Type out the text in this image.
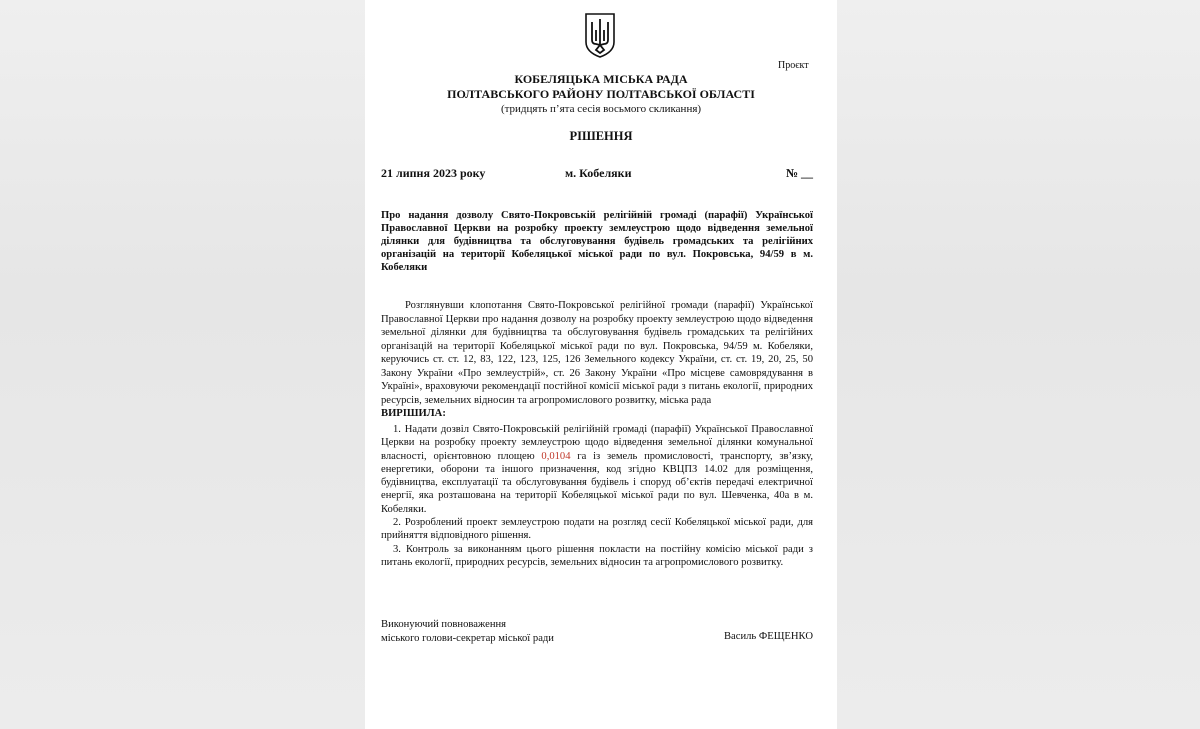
Проєкт
КОБЕЛЯЦЬКА МІСЬКА РАДА
ПОЛТАВСЬКОГО РАЙОНУ ПОЛТАВСЬКОЇ ОБЛАСТІ
(тридцять п’ята сесія восьмого скликання)
РІШЕННЯ
21 липня 2023 року	м. Кобеляки	№ __
Про надання дозволу Свято-Покровській релігійній громаді (парафії) Української Православної Церкви на розробку проекту землеустрою щодо відведення земельної ділянки для будівництва та обслуговування будівель громадських та релігійних організацій на території Кобеляцької міської ради по вул. Покровська, 94/59 в м. Кобеляки

Розглянувши клопотання Свято-Покровської релігійної громади (парафії) Української Православної Церкви про надання дозволу на розробку проекту землеустрою щодо відведення земельної ділянки для будівництва та обслуговування будівель громадських та релігійних організацій на території Кобеляцької міської ради по вул. Покровська, 94/59 м. Кобеляки, керуючись ст. ст. 12, 83, 122, 123, 125, 126 Земельного кодексу України, ст. ст. 19, 20, 25, 50 Закону України «Про землеустрій», ст. 26 Закону України «Про місцеве самоврядування в Україні», враховуючи рекомендації постійної комісії міської ради з питань екології, природних ресурсів, земельних відносин та агропромислового розвитку, міська рада

ВИРІШИЛА:

1. Надати дозвіл Свято-Покровській релігійній громаді (парафії) Української Православної Церкви на розробку проекту землеустрою щодо відведення земельної ділянки комунальної власності, орієнтовною площею 0,0104 га із земель промисловості, транспорту, зв’язку, енергетики, оборони та іншого призначення, код згідно КВЦПЗ 14.02 для розміщення, будівництва, експлуатації та обслуговування будівель і споруд об’єктів передачі електричної енергії, яка розташована на території Кобеляцької міської ради по вул. Шевченка, 40а в м. Кобеляки.

2. Розроблений проект землеустрою подати на розгляд сесії Кобеляцької міської ради, для прийняття відповідного рішення.

3. Контроль за виконанням цього рішення покласти на постійну комісію міської ради з питань екології, природних ресурсів, земельних відносин та агропромислового розвитку.

Виконуючий повноваження
міського голови-секретар міської ради	Василь ФЕЩЕНКО
